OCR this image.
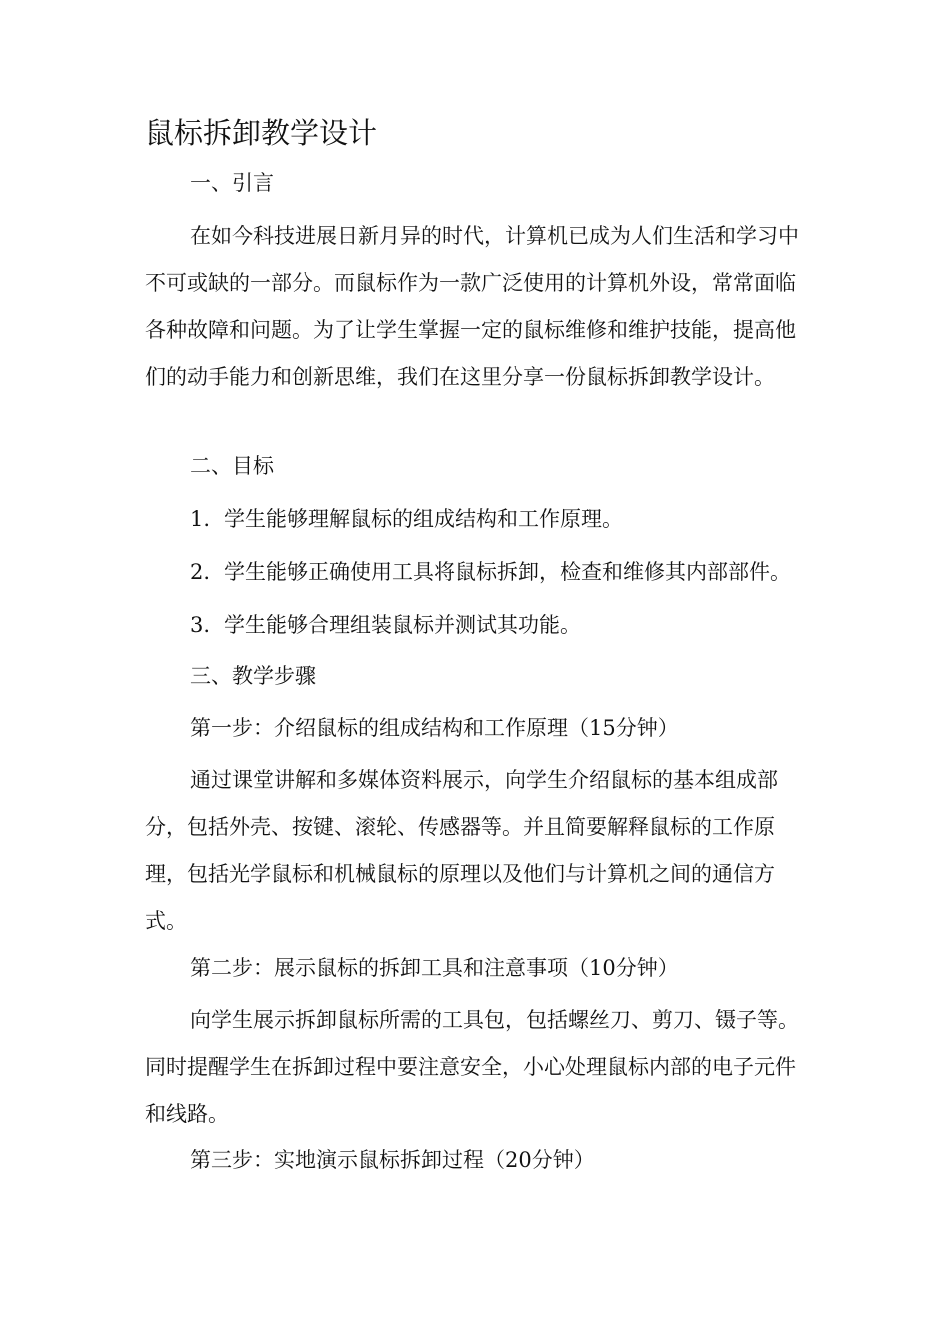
鼠标拆卸教学设计

一、引言

在如今科技进展日新月异的时代，计算机已成为人们生活和学习中不可或缺的一部分。而鼠标作为一款广泛使用的计算机外设，常常面临各种故障和问题。为了让学生掌握一定的鼠标维修和维护技能，提高他们的动手能力和创新思维，我们在这里分享一份鼠标拆卸教学设计。

二、目标

1. 学生能够理解鼠标的组成结构和工作原理。

2. 学生能够正确使用工具将鼠标拆卸，检查和维修其内部部件。

3. 学生能够合理组装鼠标并测试其功能。

三、教学步骤

第一步：介绍鼠标的组成结构和工作原理（15分钟）

通过课堂讲解和多媒体资料展示，向学生介绍鼠标的基本组成部分，包括外壳、按键、滚轮、传感器等。并且简要解释鼠标的工作原理，包括光学鼠标和机械鼠标的原理以及他们与计算机之间的通信方式。

第二步：展示鼠标的拆卸工具和注意事项（10分钟）

向学生展示拆卸鼠标所需的工具包，包括螺丝刀、剪刀、镊子等。同时提醒学生在拆卸过程中要注意安全，小心处理鼠标内部的电子元件和线路。

第三步：实地演示鼠标拆卸过程（20分钟）
